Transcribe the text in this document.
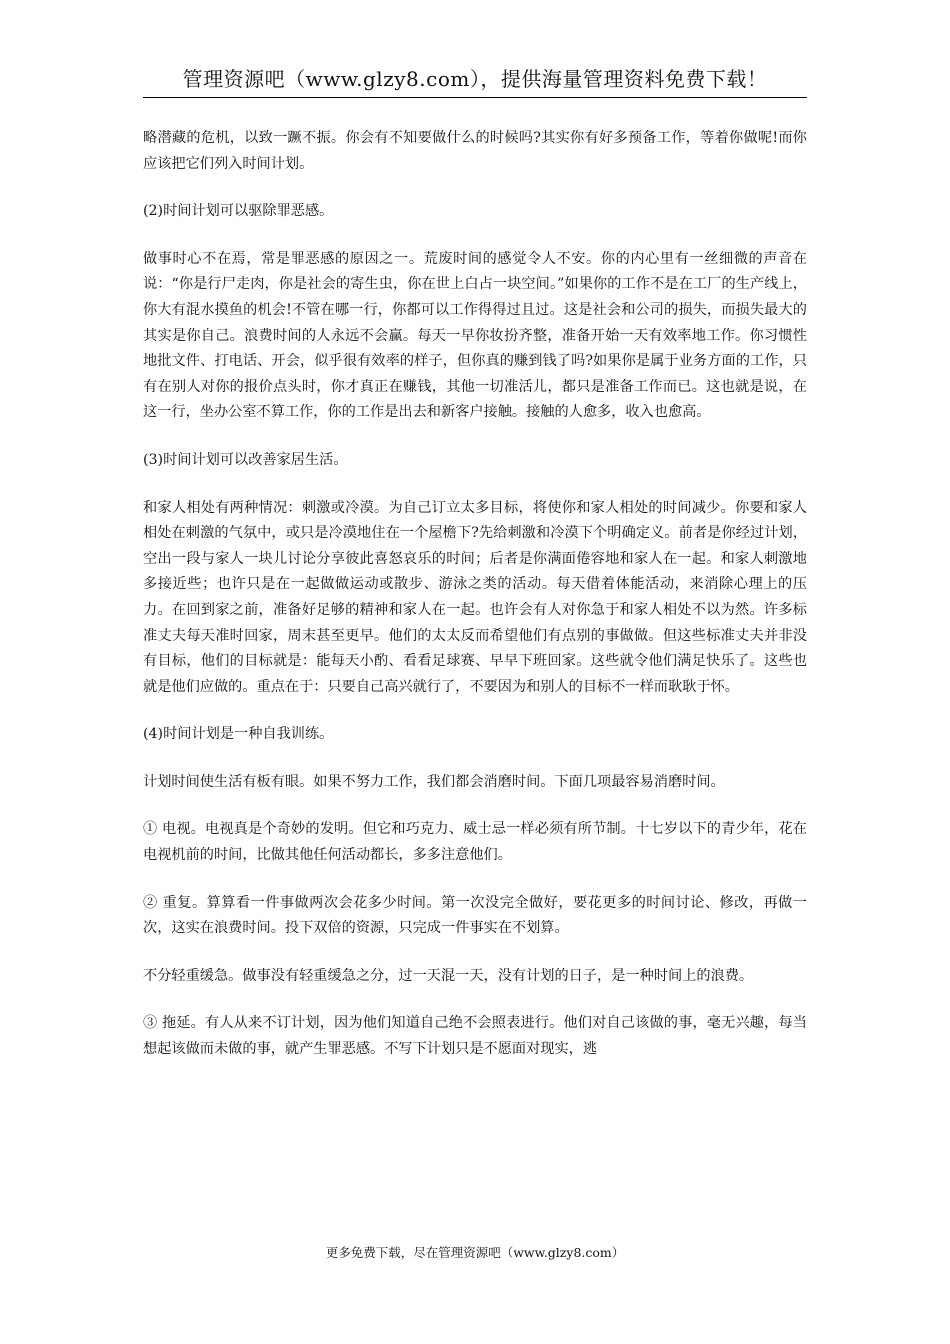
管理资源吧（www.glzy8.com），提供海量管理资料免费下载！

略潜藏的危机，以致一蹶不振。你会有不知要做什么的时候吗?其实你有好多预备工作，等着你做呢!而你应该把它们列入时间计划。

(2)时间计划可以驱除罪恶感。

做事时心不在焉，常是罪恶感的原因之一。荒废时间的感觉令人不安。你的内心里有一丝细微的声音在说：“你是行尸走肉，你是社会的寄生虫，你在世上白占一块空间。”如果你的工作不是在工厂的生产线上，你大有混水摸鱼的机会!不管在哪一行，你都可以工作得得过且过。这是社会和公司的损失，而损失最大的其实是你自己。浪费时间的人永远不会赢。每天一早你妆扮齐整，准备开始一天有效率地工作。你习惯性地批文件、打电话、开会，似乎很有效率的样子，但你真的赚到钱了吗?如果你是属于业务方面的工作，只有在别人对你的报价点头时，你才真正在赚钱，其他一切准活儿，都只是准备工作而已。这也就是说，在这一行，坐办公室不算工作，你的工作是出去和新客户接触。接触的人愈多，收入也愈高。

(3)时间计划可以改善家居生活。

和家人相处有两种情况：刺激或冷漠。为自己订立太多目标，将使你和家人相处的时间减少。你要和家人相处在刺激的气氛中，或只是冷漠地住在一个屋檐下?先给刺激和冷漠下个明确定义。前者是你经过计划，空出一段与家人一块儿讨论分享彼此喜怒哀乐的时间；后者是你满面倦容地和家人在一起。和家人刺激地多接近些；也许只是在一起做做运动或散步、游泳之类的活动。每天借着体能活动，来消除心理上的压力。在回到家之前，准备好足够的精神和家人在一起。也许会有人对你急于和家人相处不以为然。许多标准丈夫每天准时回家，周末甚至更早。他们的太太反而希望他们有点别的事做做。但这些标准丈夫并非没有目标，他们的目标就是：能每天小酌、看看足球赛、早早下班回家。这些就令他们满足快乐了。这些也就是他们应做的。重点在于：只要自己高兴就行了，不要因为和别人的目标不一样而耿耿于怀。

(4)时间计划是一种自我训练。

计划时间使生活有板有眼。如果不努力工作，我们都会消磨时间。下面几项最容易消磨时间。

① 电视。电视真是个奇妙的发明。但它和巧克力、威士忌一样必须有所节制。十七岁以下的青少年，花在电视机前的时间，比做其他任何活动都长，多多注意他们。

② 重复。算算看一件事做两次会花多少时间。第一次没完全做好，要花更多的时间讨论、修改，再做一次，这实在浪费时间。投下双倍的资源，只完成一件事实在不划算。

不分轻重缓急。做事没有轻重缓急之分，过一天混一天，没有计划的日子，是一种时间上的浪费。

③ 拖延。有人从来不订计划，因为他们知道自己绝不会照表进行。他们对自己该做的事，毫无兴趣，每当想起该做而未做的事，就产生罪恶感。不写下计划只是不愿面对现实，逃

更多免费下载，尽在管理资源吧（www.glzy8.com）
